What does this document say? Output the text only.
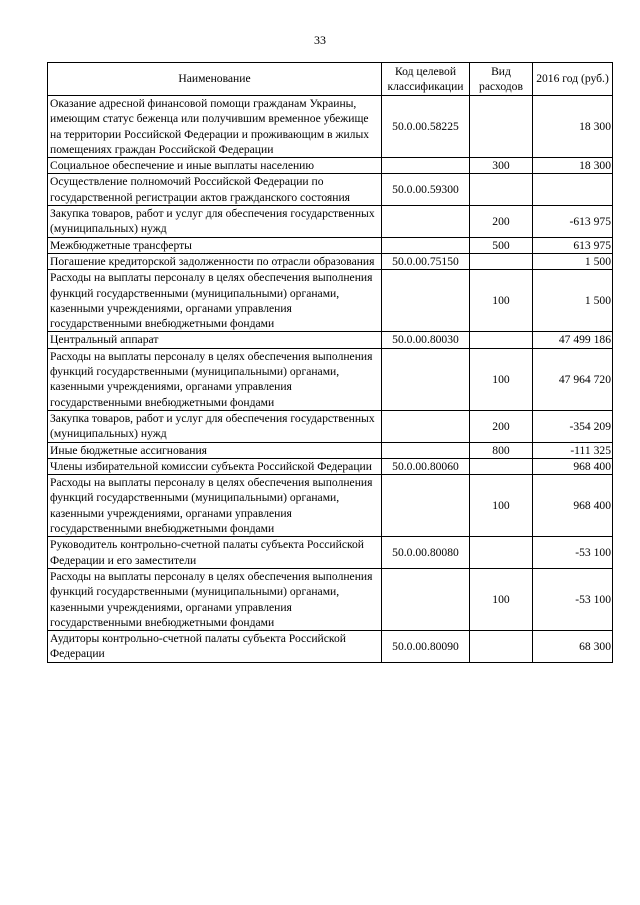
33
Наименование	Код целевой классификации	Вид расходов	2016 год (руб.)
Оказание адресной финансовой помощи гражданам Украины, имеющим статус беженца или получившим временное убежище на территории Российской Федерации и проживающим в жилых помещениях граждан Российской Федерации	50.0.00.58225		18 300
Социальное обеспечение и иные выплаты населению		300	18 300
Осуществление полномочий Российской Федерации по государственной регистрации актов гражданского состояния	50.0.00.59300		
Закупка товаров, работ и услуг для обеспечения государственных (муниципальных) нужд		200	-613 975
Межбюджетные трансферты		500	613 975
Погашение кредиторской задолженности по отрасли образования	50.0.00.75150		1 500
Расходы на выплаты персоналу в целях обеспечения выполнения функций государственными (муниципальными) органами, казенными учреждениями, органами управления государственными внебюджетными фондами		100	1 500
Центральный аппарат	50.0.00.80030		47 499 186
Расходы на выплаты персоналу в целях обеспечения выполнения функций государственными (муниципальными) органами, казенными учреждениями, органами управления государственными внебюджетными фондами		100	47 964 720
Закупка товаров, работ и услуг для обеспечения государственных (муниципальных) нужд		200	-354 209
Иные бюджетные ассигнования		800	-111 325
Члены избирательной комиссии субъекта Российской Федерации	50.0.00.80060		968 400
Расходы на выплаты персоналу в целях обеспечения выполнения функций государственными (муниципальными) органами, казенными учреждениями, органами управления государственными внебюджетными фондами		100	968 400
Руководитель контрольно-счетной палаты субъекта Российской Федерации и его заместители	50.0.00.80080		-53 100
Расходы на выплаты персоналу в целях обеспечения выполнения функций государственными (муниципальными) органами, казенными учреждениями, органами управления государственными внебюджетными фондами		100	-53 100
Аудиторы контрольно-счетной палаты субъекта Российской Федерации	50.0.00.80090		68 300
